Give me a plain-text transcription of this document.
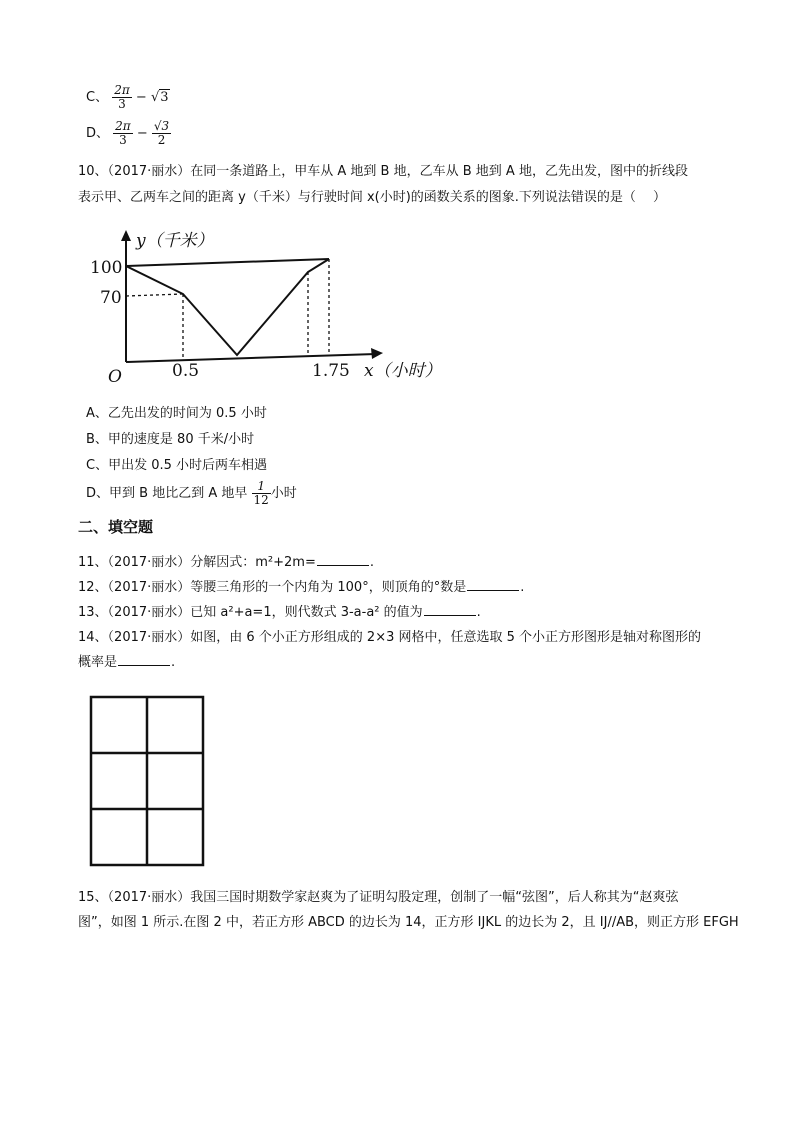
C、 $\frac{2\pi}{3} - √3$
D、 $\frac{2\pi}{3} - \frac{√3}{2}$
10、（2017·丽水）在同一条道路上，甲车从 A 地到 B 地，乙车从 B 地到 A 地，乙先出发，图中的折线段
表示甲、乙两车之间的距离 y（千米）与行驶时间 x(小时)的函数关系的图象.下列说法错误的是（　 ）
y（千米）
100
70
O	0.5	1.75 x（小时）
A、乙先出发的时间为 0.5 小时
B、甲的速度是 80 千米/小时
C、甲出发 0.5 小时后两车相遇
D、甲到 B 地比乙到 A 地早 $\frac{1}{12}$ 小时
二、填空题
11、（2017·丽水）分解因式：m²+2m=	.
12、（2017·丽水）等腰三角形的一个内角为 100°，则顶角的°数是	.
13、（2017·丽水）已知 a²+a=1，则代数式 3-a-a² 的值为	.
14、（2017·丽水）如图，由 6 个小正方形组成的 2×3 网格中，任意选取 5 个小正方形图形是轴对称图形的
概率是	.
15、（2017·丽水）我国三国时期数学家赵爽为了证明勾股定理，创制了一幅“弦图”，后人称其为“赵爽弦
图”，如图 1 所示.在图 2 中，若正方形 ABCD 的边长为 14，正方形 IJKL 的边长为 2，且 IJ//AB，则正方形 EFGH
